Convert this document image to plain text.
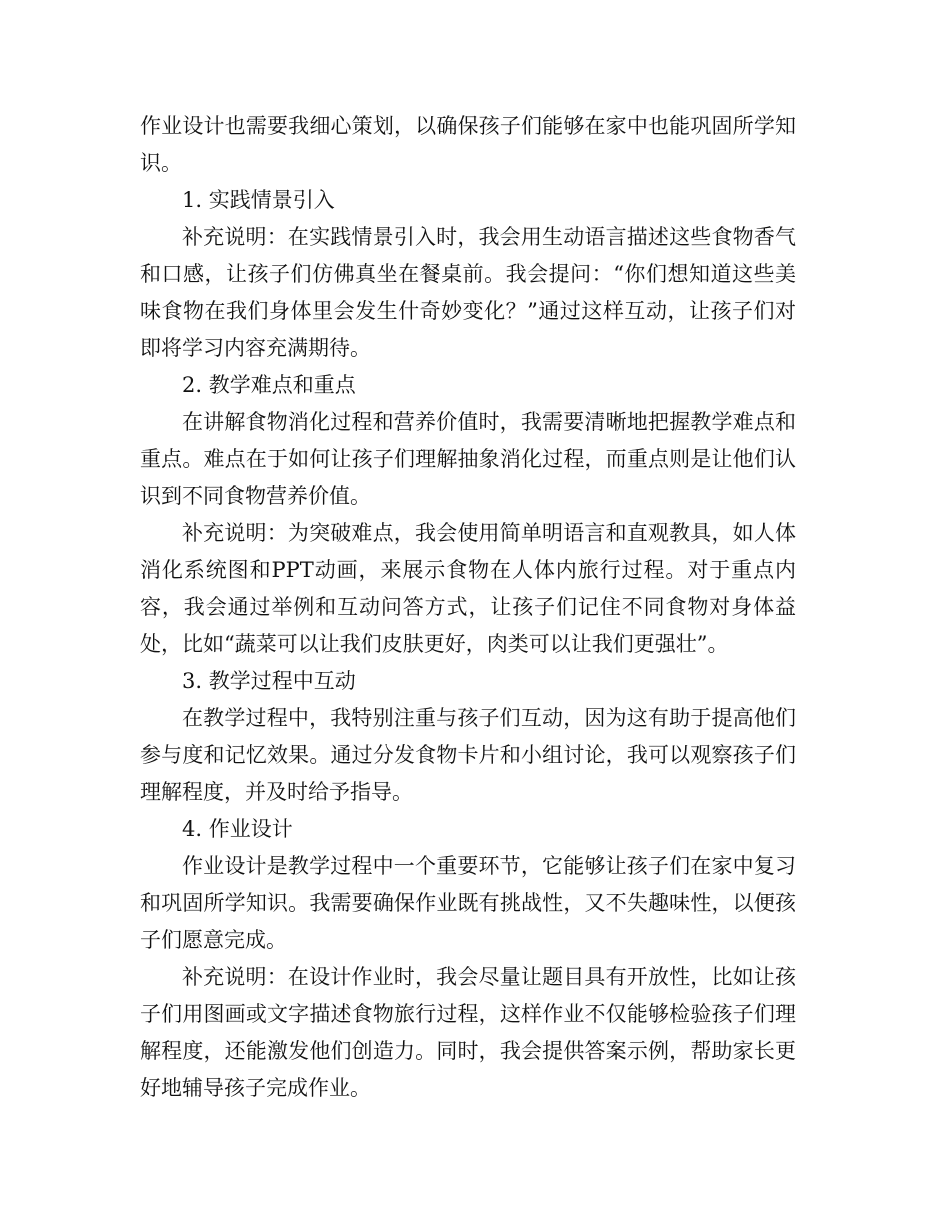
作业设计也需要我细心策划，以确保孩子们能够在家中也能巩固所学知识。

1. 实践情景引入

补充说明：在实践情景引入时，我会用生动语言描述这些食物香气和口感，让孩子们仿佛真坐在餐桌前。我会提问：“你们想知道这些美味食物在我们身体里会发生什奇妙变化？”通过这样互动，让孩子们对即将学习内容充满期待。

2. 教学难点和重点

在讲解食物消化过程和营养价值时，我需要清晰地把握教学难点和重点。难点在于如何让孩子们理解抽象消化过程，而重点则是让他们认识到不同食物营养价值。

补充说明：为突破难点，我会使用简单明语言和直观教具，如人体消化系统图和PPT动画，来展示食物在人体内旅行过程。对于重点内容，我会通过举例和互动问答方式，让孩子们记住不同食物对身体益处，比如“蔬菜可以让我们皮肤更好，肉类可以让我们更强壮”。

3. 教学过程中互动

在教学过程中，我特别注重与孩子们互动，因为这有助于提高他们参与度和记忆效果。通过分发食物卡片和小组讨论，我可以观察孩子们理解程度，并及时给予指导。

4. 作业设计

作业设计是教学过程中一个重要环节，它能够让孩子们在家中复习和巩固所学知识。我需要确保作业既有挑战性，又不失趣味性，以便孩子们愿意完成。

补充说明：在设计作业时，我会尽量让题目具有开放性，比如让孩子们用图画或文字描述食物旅行过程，这样作业不仅能够检验孩子们理解程度，还能激发他们创造力。同时，我会提供答案示例，帮助家长更好地辅导孩子完成作业。
